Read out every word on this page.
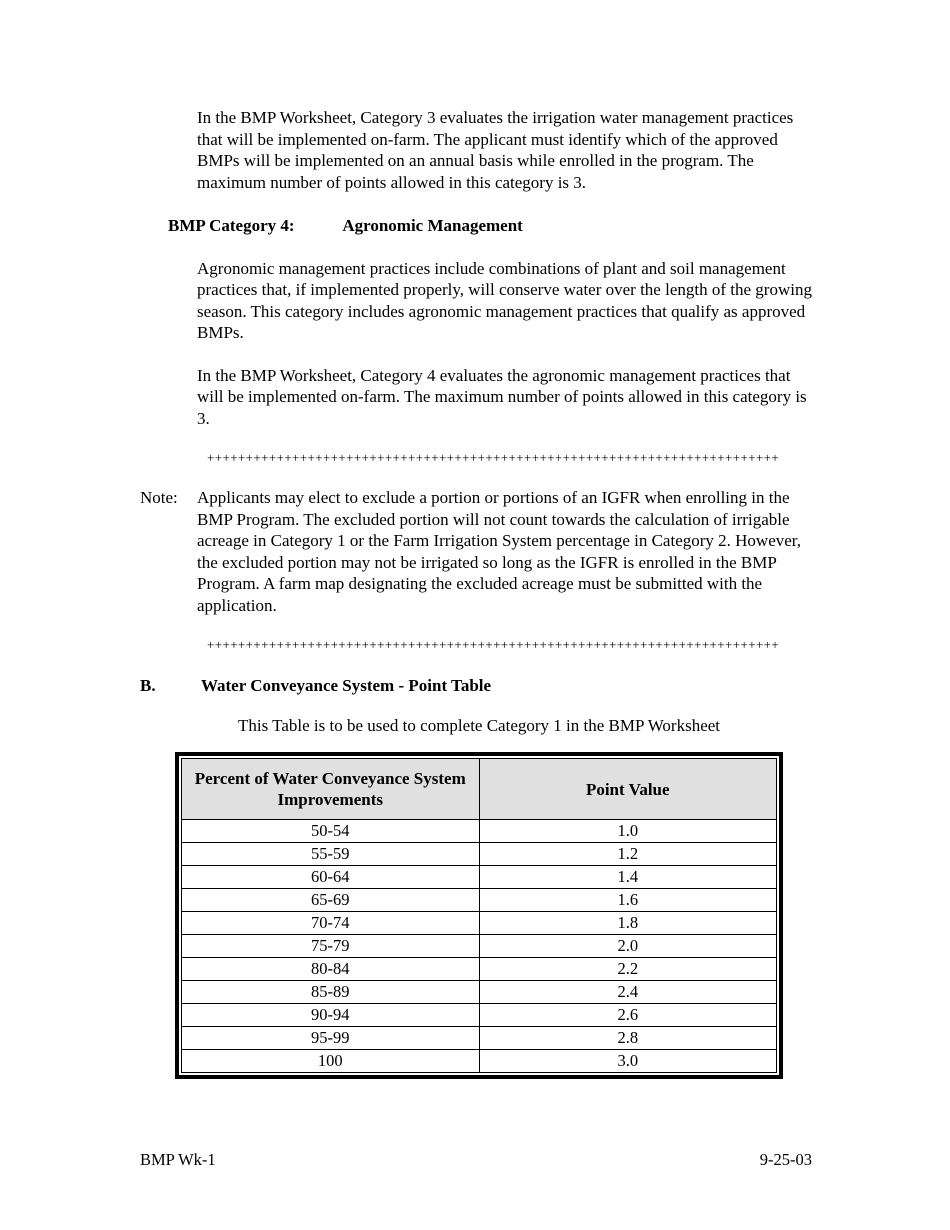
In the BMP Worksheet, Category 3 evaluates the irrigation water management practices that will be implemented on-farm. The applicant must identify which of the approved BMPs will be implemented on an annual basis while enrolled in the program. The maximum number of points allowed in this category is 3.

BMP Category 4:	Agronomic Management

Agronomic management practices include combinations of plant and soil management practices that, if implemented properly, will conserve water over the length of the growing season. This category includes agronomic management practices that qualify as approved BMPs.

In the BMP Worksheet, Category 4 evaluates the agronomic management practices that will be implemented on-farm. The maximum number of points allowed in this category is 3.

++++++++++++++++++++++++++++++++++++++++++++++++++++++++++++++++++++++++++
Note:	Applicants may elect to exclude a portion or portions of an IGFR when enrolling in the BMP Program. The excluded portion will not count towards the calculation of irrigable acreage in Category 1 or the Farm Irrigation System percentage in Category 2. However, the excluded portion may not be irrigated so long as the IGFR is enrolled in the BMP Program. A farm map designating the excluded acreage must be submitted with the application.

++++++++++++++++++++++++++++++++++++++++++++++++++++++++++++++++++++++++++
B.	Water Conveyance System - Point Table

This Table is to be used to complete Category 1 in the BMP Worksheet

Percent of Water Conveyance System Improvements	Point Value
50-54	1.0
55-59	1.2
60-64	1.4
65-69	1.6
70-74	1.8
75-79	2.0
80-84	2.2
85-89	2.4
90-94	2.6
95-99	2.8
100	3.0
BMP Wk-1	9-25-03
